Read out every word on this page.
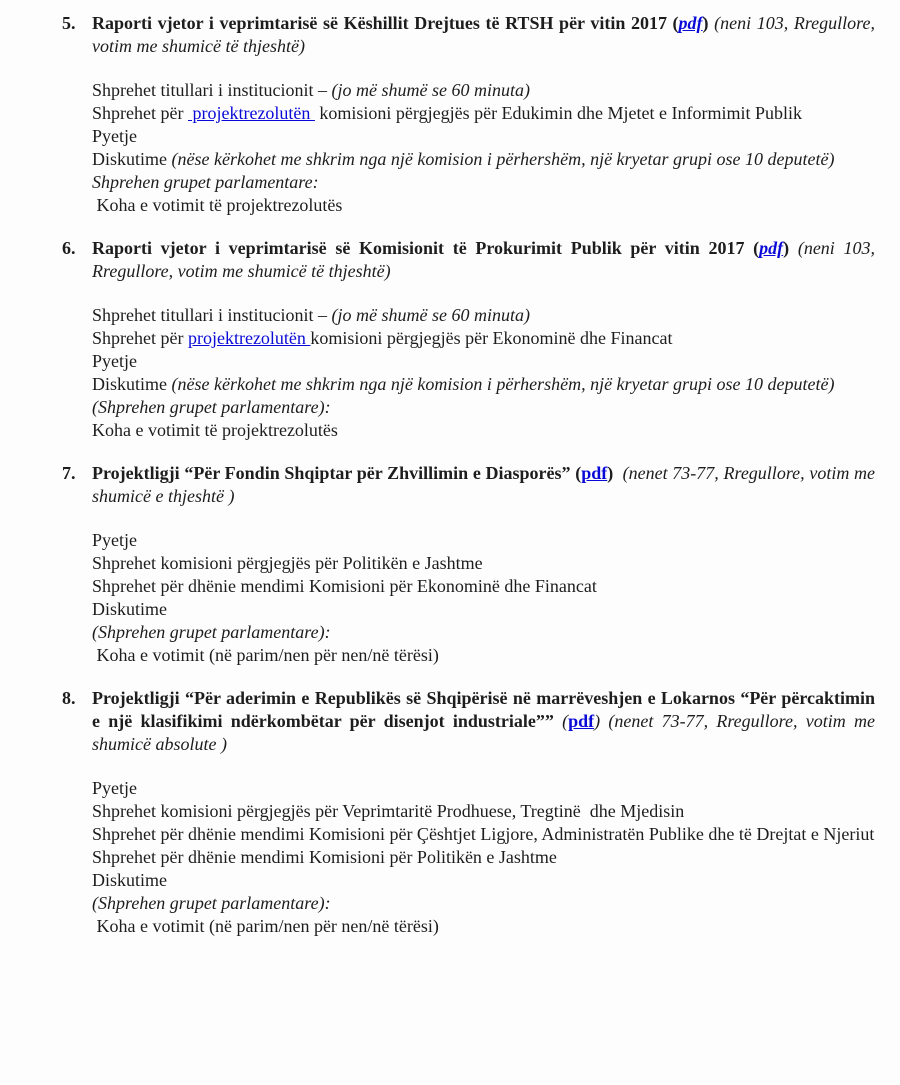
5. Raporti vjetor i veprimtarisë së Këshillit Drejtues të RTSH për vitin 2017 (pdf) (neni 103, Rregullore, votim me shumicë të thjeshtë)

Shprehet titullari i institucionit – (jo më shumë se 60 minuta)

Shprehet për  projektrezolutën  komisioni përgjegjës për Edukimin dhe Mjetet e Informimit Publik

Pyetje

Diskutime (nëse kërkohet me shkrim nga një komision i përhershëm, një kryetar grupi ose 10 deputetë)

Shprehen grupet parlamentare:

Koha e votimit të projektrezolutës

6. Raporti vjetor i veprimtarisë së Komisionit të Prokurimit Publik për vitin 2017 (pdf) (neni 103, Rregullore, votim me shumicë të thjeshtë)

Shprehet titullari i institucionit – (jo më shumë se 60 minuta)

Shprehet për projektrezolutën komisioni përgjegjës për Ekonominë dhe Financat

Pyetje

Diskutime (nëse kërkohet me shkrim nga një komision i përhershëm, një kryetar grupi ose 10 deputetë)

(Shprehen grupet parlamentare):

Koha e votimit të projektrezolutës

7. Projektligji “Për Fondin Shqiptar për Zhvillimin e Diasporës” (pdf) (nenet 73-77, Rregullore, votim me shumicë e thjeshtë )

Pyetje

Shprehet komisioni përgjegjës për Politikën e Jashtme

Shprehet për dhënie mendimi Komisioni për Ekonominë dhe Financat

Diskutime

(Shprehen grupet parlamentare):

Koha e votimit (në parim/nen për nen/në tërësi)

8. Projektligji “Për aderimin e Republikës së Shqipërisë në marrëveshjen e Lokarnos “Për përcaktimin e një klasifikimi ndërkombëtar për disenjot industriale”” (pdf) (nenet 73-77, Rregullore, votim me shumicë absolute )

Pyetje

Shprehet komisioni përgjegjës për Veprimtaritë Prodhuese, Tregtinë  dhe Mjedisin

Shprehet për dhënie mendimi Komisioni për Çështjet Ligjore, Administratën Publike dhe të Drejtat e Njeriut

Shprehet për dhënie mendimi Komisioni për Politikën e Jashtme

Diskutime

(Shprehen grupet parlamentare):

Koha e votimit (në parim/nen për nen/në tërësi)
